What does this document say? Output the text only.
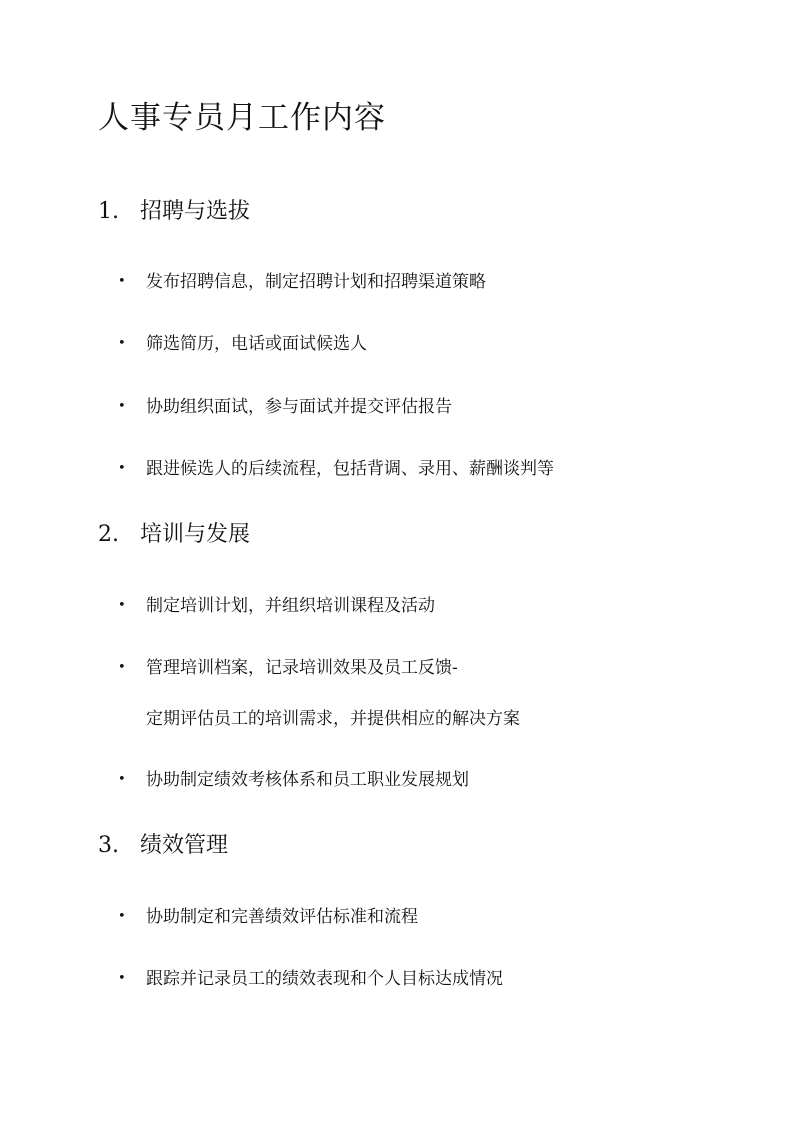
人事专员月工作内容
1. 招聘与选拔
• 发布招聘信息，制定招聘计划和招聘渠道策略
• 筛选简历，电话或面试候选人
• 协助组织面试，参与面试并提交评估报告
• 跟进候选人的后续流程，包括背调、录用、薪酬谈判等
2. 培训与发展
• 制定培训计划，并组织培训课程及活动
• 管理培训档案，记录培训效果及员工反馈-
定期评估员工的培训需求，并提供相应的解决方案
• 协助制定绩效考核体系和员工职业发展规划
3. 绩效管理
• 协助制定和完善绩效评估标准和流程
• 跟踪并记录员工的绩效表现和个人目标达成情况
